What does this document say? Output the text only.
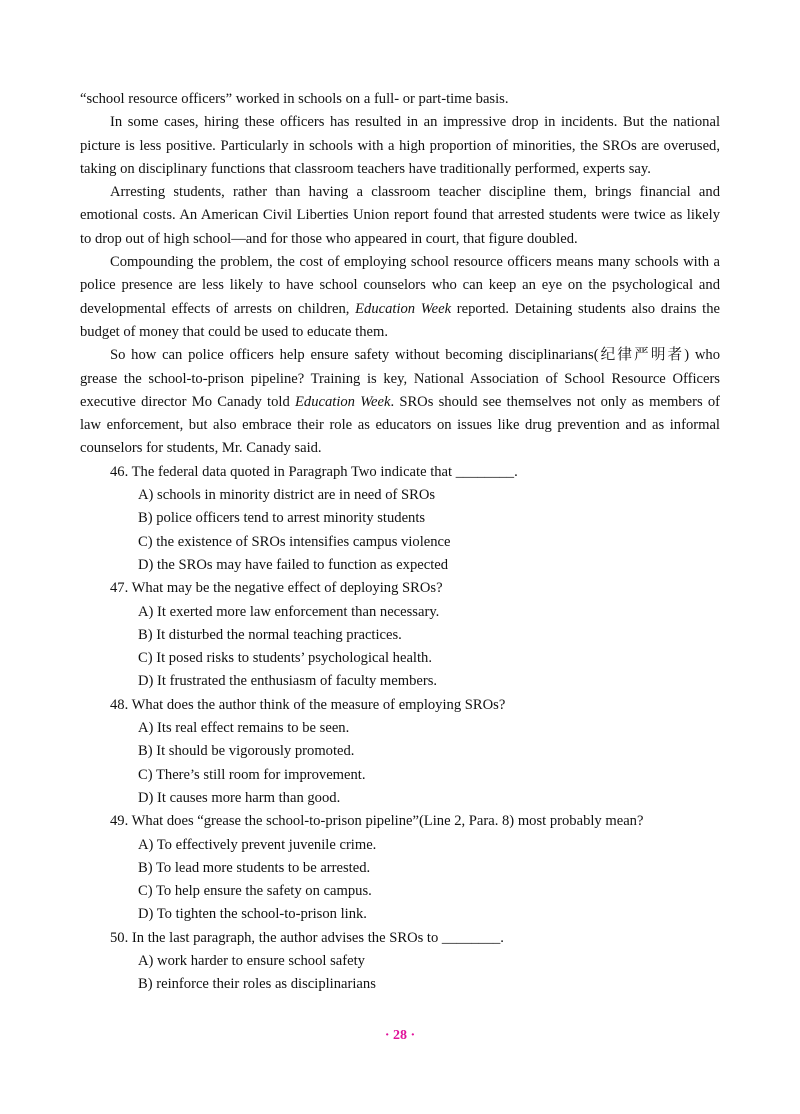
“school resource officers” worked in schools on a full- or part-time basis.

In some cases, hiring these officers has resulted in an impressive drop in incidents. But the national picture is less positive. Particularly in schools with a high proportion of minorities, the SROs are overused, taking on disciplinary functions that classroom teachers have traditionally performed, experts say.

Arresting students, rather than having a classroom teacher discipline them, brings financial and emotional costs. An American Civil Liberties Union report found that arrested students were twice as likely to drop out of high school—and for those who appeared in court, that figure doubled.

Compounding the problem, the cost of employing school resource officers means many schools with a police presence are less likely to have school counselors who can keep an eye on the psychological and developmental effects of arrests on children, Education Week reported. Detaining students also drains the budget of money that could be used to educate them.

So how can police officers help ensure safety without becoming disciplinarians(纪律严明者) who grease the school-to-prison pipeline? Training is key, National Association of School Resource Officers executive director Mo Canady told Education Week. SROs should see themselves not only as members of law enforcement, but also embrace their role as educators on issues like drug prevention and as informal counselors for students, Mr. Canady said.

46. The federal data quoted in Paragraph Two indicate that ________.

A) schools in minority district are in need of SROs

B) police officers tend to arrest minority students

C) the existence of SROs intensifies campus violence

D) the SROs may have failed to function as expected

47. What may be the negative effect of deploying SROs?

A) It exerted more law enforcement than necessary.

B) It disturbed the normal teaching practices.

C) It posed risks to students’ psychological health.

D) It frustrated the enthusiasm of faculty members.

48. What does the author think of the measure of employing SROs?

A) Its real effect remains to be seen.

B) It should be vigorously promoted.

C) There’s still room for improvement.

D) It causes more harm than good.

49. What does “grease the school-to-prison pipeline”(Line 2, Para. 8) most probably mean?

A) To effectively prevent juvenile crime.

B) To lead more students to be arrested.

C) To help ensure the safety on campus.

D) To tighten the school-to-prison link.

50. In the last paragraph, the author advises the SROs to ________.

A) work harder to ensure school safety

B) reinforce their roles as disciplinarians

· 28 ·
